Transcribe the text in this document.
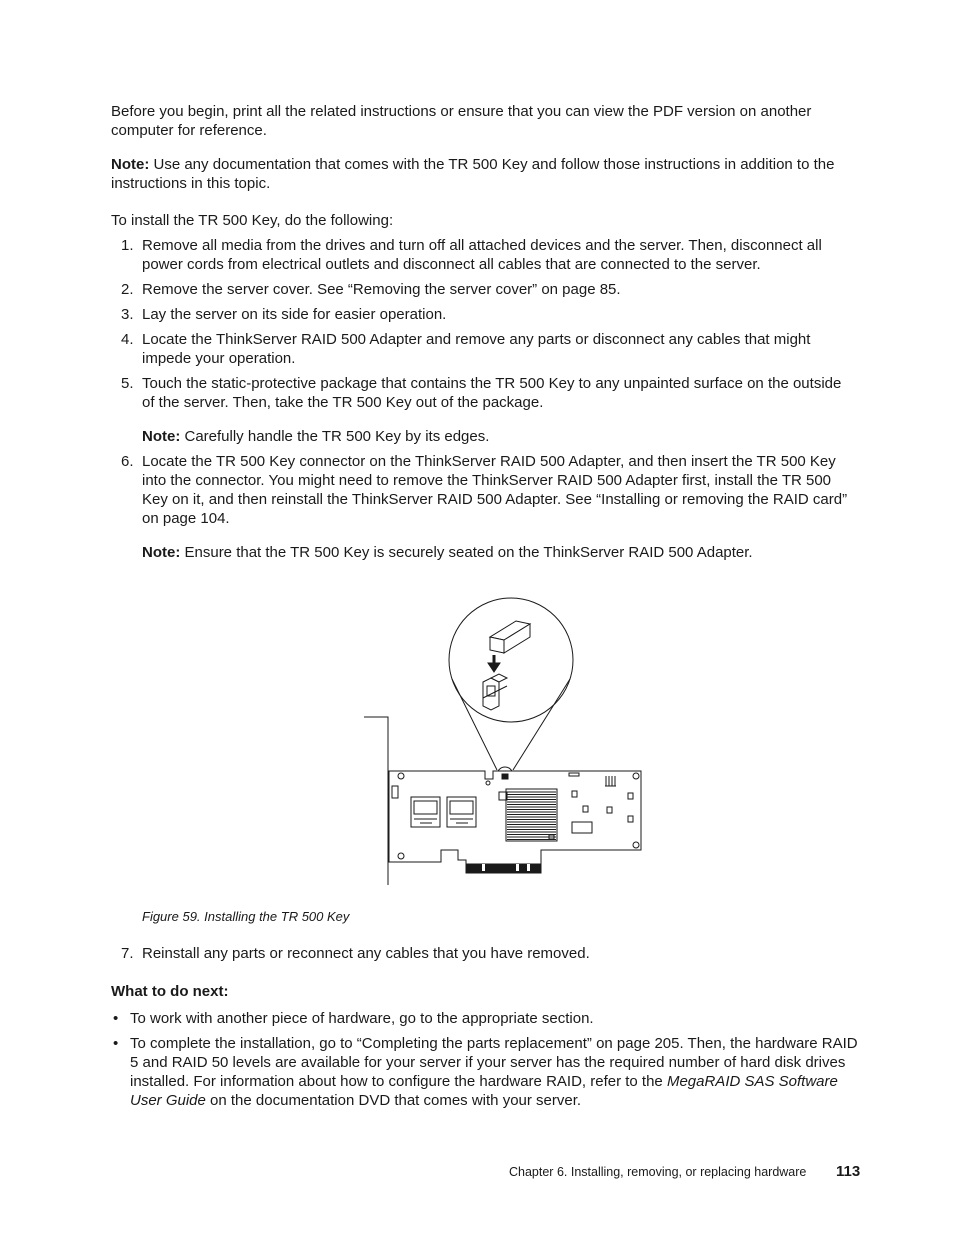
Before you begin, print all the related instructions or ensure that you can view the PDF version on another computer for reference.

Note: Use any documentation that comes with the TR 500 Key and follow those instructions in addition to the instructions in this topic.

To install the TR 500 Key, do the following:

1. Remove all media from the drives and turn off all attached devices and the server. Then, disconnect all power cords from electrical outlets and disconnect all cables that are connected to the server.
2. Remove the server cover. See “Removing the server cover” on page 85.
3. Lay the server on its side for easier operation.
4. Locate the ThinkServer RAID 500 Adapter and remove any parts or disconnect any cables that might impede your operation.
5. Touch the static-protective package that contains the TR 500 Key to any unpainted surface on the outside of the server. Then, take the TR 500 Key out of the package.
Note: Carefully handle the TR 500 Key by its edges.
6. Locate the TR 500 Key connector on the ThinkServer RAID 500 Adapter, and then insert the TR 500 Key into the connector. You might need to remove the ThinkServer RAID 500 Adapter first, install the TR 500 Key on it, and then reinstall the ThinkServer RAID 500 Adapter. See “Installing or removing the RAID card” on page 104.
Note: Ensure that the TR 500 Key is securely seated on the ThinkServer RAID 500 Adapter.
Figure 59. Installing the TR 500 Key
7. Reinstall any parts or reconnect any cables that you have removed.

What to do next:

• To work with another piece of hardware, go to the appropriate section.
• To complete the installation, go to “Completing the parts replacement” on page 205. Then, the hardware RAID 5 and RAID 50 levels are available for your server if your server has the required number of hard disk drives installed. For information about how to configure the hardware RAID, refer to the MegaRAID SAS Software User Guide on the documentation DVD that comes with your server.
Chapter 6. Installing, removing, or replacing hardware 113
